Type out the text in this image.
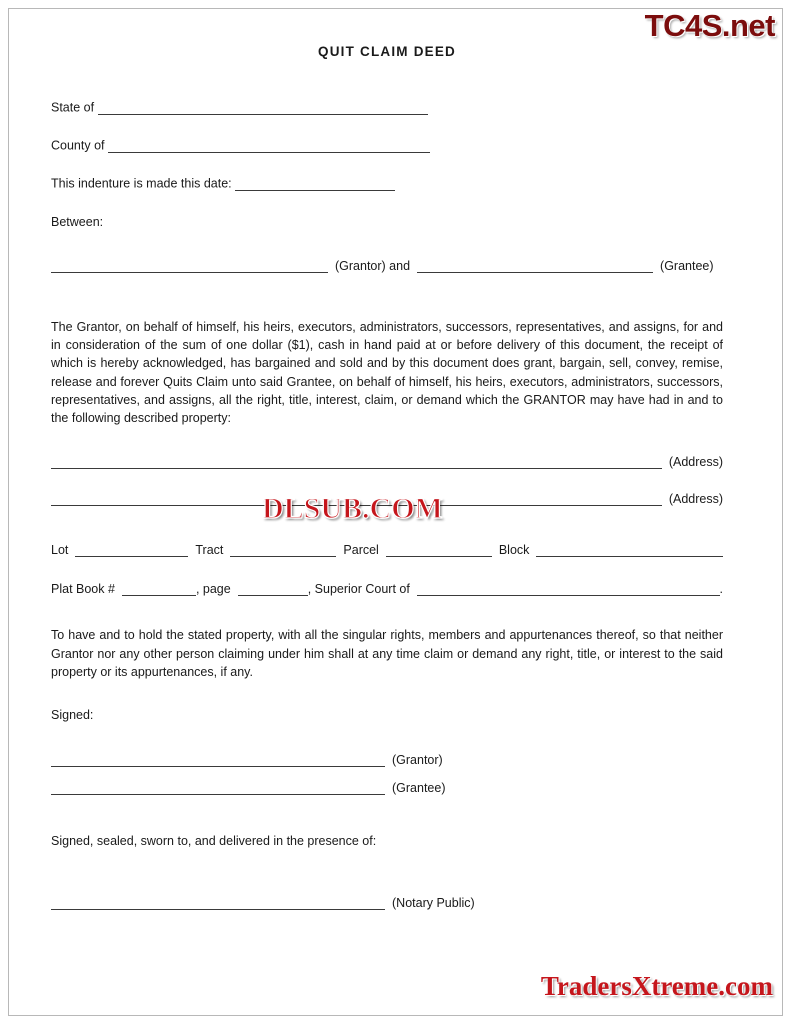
TC4S.net
QUIT CLAIM DEED
State of
County of
This indenture is made this date:
Between:
(Grantor) and	(Grantee)
The Grantor, on behalf of himself, his heirs, executors, administrators, successors, representatives, and assigns, for and in consideration of the sum of one dollar ($1), cash in hand paid at or before delivery of this document, the receipt of which is hereby acknowledged, has bargained and sold and by this document does grant, bargain, sell, convey, remise, release and forever Quits Claim unto said Grantee, on behalf of himself, his heirs, executors, administrators, successors, representatives, and assigns, all the right, title, interest, claim, or demand which the GRANTOR may have had in and to the following described property:
(Address)
(Address)
Lot	Tract	Parcel	Block
Plat Book #	, page	, Superior Court of	.
To have and to hold the stated property, with all the singular rights, members and appurtenances thereof, so that neither Grantor nor any other person claiming under him shall at any time claim or demand any right, title, or interest to the said property or its appurtenances, if any.
Signed:
(Grantor)
(Grantee)
Signed, sealed, sworn to, and delivered in the presence of:
(Notary Public)
DLSUB.COM
TradersXtreme.com
